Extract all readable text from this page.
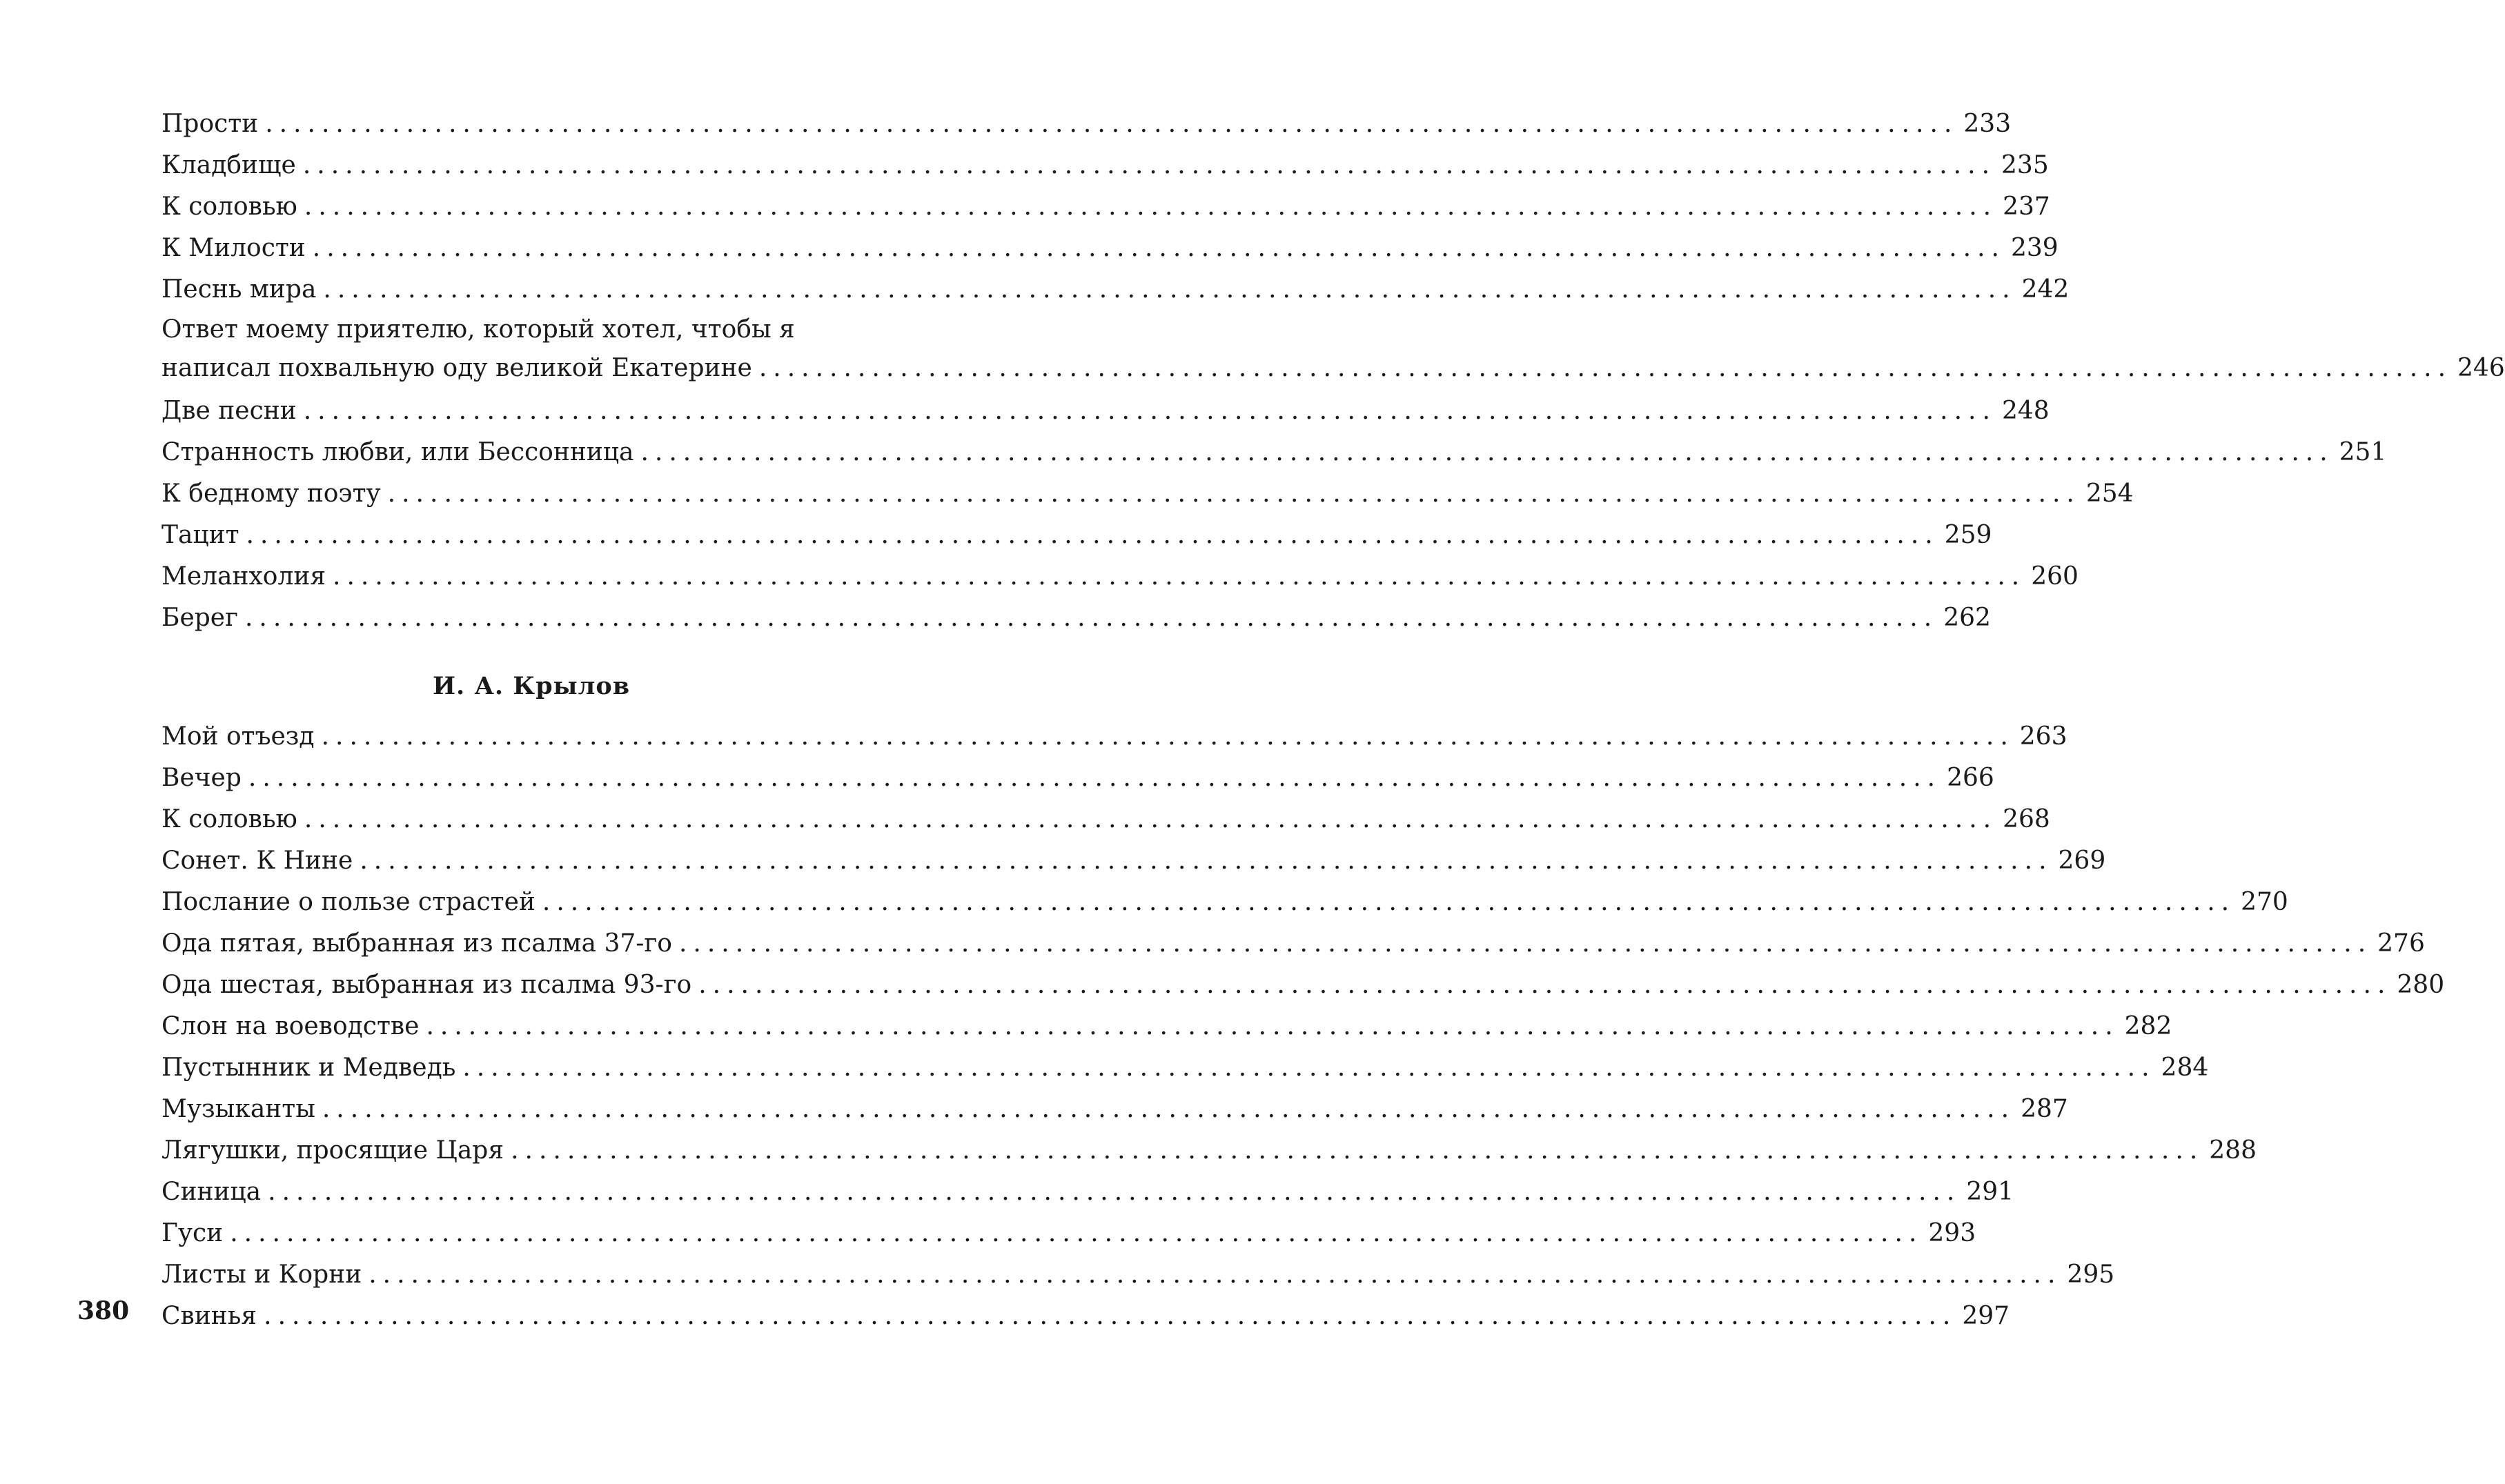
Прости ........................................................................................................................ 233
Кладбище ........................................................................................................................ 235
К соловью ........................................................................................................................ 237
К Милости ........................................................................................................................ 239
Песнь мира ........................................................................................................................ 242
Ответ моему приятелю, который хотел, чтобы я
написал похвальную оду великой Екатерине ........................................................................................................................ 246
Две песни ........................................................................................................................ 248
Странность любви, или Бессонница ........................................................................................................................ 251
К бедному поэту ........................................................................................................................ 254
Тацит ........................................................................................................................ 259
Меланхолия ........................................................................................................................ 260
Берег ........................................................................................................................ 262
И. А. Крылов
Мой отъезд ........................................................................................................................ 263
Вечер ........................................................................................................................ 266
К соловью ........................................................................................................................ 268
Сонет. К Нине ........................................................................................................................ 269
Послание о пользе страстей ........................................................................................................................ 270
Ода пятая, выбранная из псалма 37-го ........................................................................................................................ 276
Ода шестая, выбранная из псалма 93-го ........................................................................................................................ 280
Слон на воеводстве ........................................................................................................................ 282
Пустынник и Медведь ........................................................................................................................ 284
Музыканты ........................................................................................................................ 287
Лягушки, просящие Царя ........................................................................................................................ 288
Синица ........................................................................................................................ 291
Гуси ........................................................................................................................ 293
Листы и Корни ........................................................................................................................ 295
Свинья ........................................................................................................................ 297
380
